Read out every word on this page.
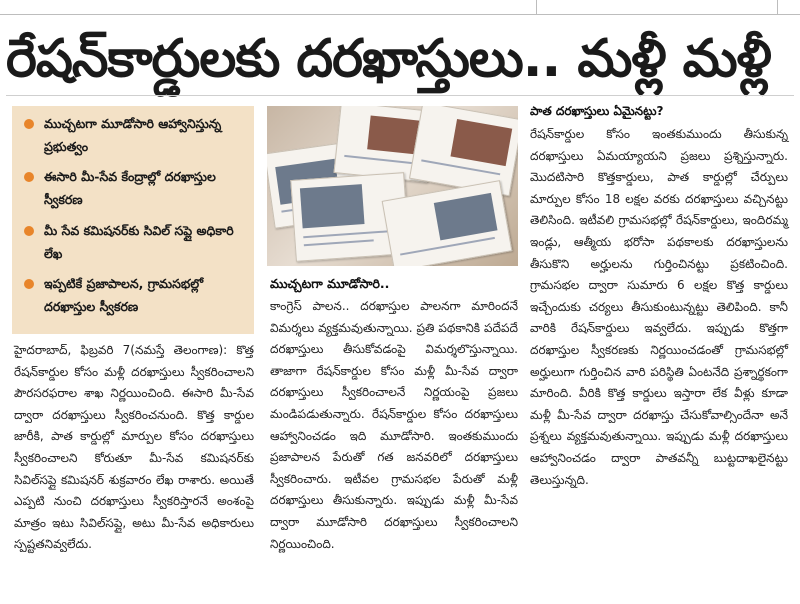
రేషన్‌కార్డులకు దరఖాస్తులు.. మళ్లీ మళ్లీ
ముచ్చటగా మూడోసారి ఆహ్వానిస్తున్న ప్రభుత్వం
ఈసారి మీ-సేవ కేంద్రాల్లో దరఖాస్తుల స్వీకరణ
మీ సేవ కమిషనర్‌కు సివిల్ సప్లై అధికారి లేఖ
ఇప్పటికే ప్రజాపాలన, గ్రామసభల్లో దరఖాస్తుల స్వీకరణ
ముచ్చటగా మూడోసారి..

హైదరాబాద్, ఫిబ్రవరి 7(నమస్తే తెలంగాణ): కొత్త రేషన్‌కార్డుల కోసం మళ్లీ దరఖాస్తులు స్వీకరించాలని పౌరసరఫరాల శాఖ నిర్ణయించింది. ఈసారి మీ-సేవ ద్వారా దరఖాస్తులు స్వీకరించనుంది. కొత్త కార్డుల జారీకి, పాత కార్డుల్లో మార్పుల కోసం దరఖాస్తులు స్వీకరించాలని కోరుతూ మీ-సేవ కమిషనర్‌కు సివిల్‌సప్లై కమిషనర్ శుక్రవారం లేఖ రాశారు. అయితే ఎప్పటి నుంచి దరఖాస్తులు స్వీకరిస్తారనే అంశంపై మాత్రం ఇటు సివిల్‌సప్లై, అటు మీ-సేవ అధికారులు స్పష్టతనివ్వలేదు.

కాంగ్రెస్ పాలన.. దరఖాస్తుల పాలనగా మారిందనే విమర్శలు వ్యక్తమవుతున్నాయి. ప్రతి పథకానికి పదేపదే దరఖాస్తులు తీసుకోవడంపై విమర్శలొస్తున్నాయి. తాజాగా రేషన్‌కార్డుల కోసం మళ్లీ మీ-సేవ ద్వారా దరఖాస్తులు స్వీకరించాలనే నిర్ణయంపై ప్రజలు మండిపడుతున్నారు. రేషన్‌కార్డుల కోసం దరఖాస్తులు ఆహ్వానించడం ఇది మూడోసారి. ఇంతకుముందు ప్రజాపాలన పేరుతో గత జనవరిలో దరఖాస్తులు స్వీకరించారు. ఇటీవల గ్రామసభల పేరుతో మళ్లీ దరఖాస్తులు తీసుకున్నారు. ఇప్పుడు మళ్లీ మీ-సేవ ద్వారా మూడోసారి దరఖాస్తులు స్వీకరించాలని నిర్ణయించింది.

పాత దరఖాస్తులు ఏమైనట్టు?

రేషన్‌కార్డుల కోసం ఇంతకుముందు తీసుకున్న దరఖాస్తులు ఏమయ్యాయని ప్రజలు ప్రశ్నిస్తున్నారు. మొదటిసారి కొత్తకార్డులు, పాత కార్డుల్లో చేర్పులు మార్పుల కోసం 18 లక్షల వరకు దరఖాస్తులు వచ్చినట్టు తెలిసింది. ఇటీవలి గ్రామసభల్లో రేషన్‌కార్డులు, ఇందిరమ్మ ఇండ్లు, ఆత్మీయ భరోసా పథకాలకు దరఖాస్తులను తీసుకొని అర్హులను గుర్తించినట్టు ప్రకటించింది. గ్రామసభల ద్వారా సుమారు 6 లక్షల కొత్త కార్డులు ఇచ్చేందుకు చర్యలు తీసుకుంటున్నట్టు తెలిపింది. కానీ వారికి రేషన్‌కార్డులు ఇవ్వలేదు. ఇప్పుడు కొత్తగా దరఖాస్తుల స్వీకరణకు నిర్ణయించడంతో గ్రామసభల్లో అర్హులుగా గుర్తించిన వారి పరిస్థితి ఏంటనేది ప్రశ్నార్థకంగా మారింది. వీరికి కొత్త కార్డులు ఇస్తారా లేక వీళ్లు కూడా మళ్లీ మీ-సేవ ద్వారా దరఖాస్తు చేసుకోవాల్సిందేనా అనే ప్రశ్నలు వ్యక్తమవుతున్నాయి. ఇప్పుడు మళ్లీ దరఖాస్తులు ఆహ్వానించడం ద్వారా పాతవన్నీ బుట్టదాఖలైనట్టు తెలుస్తున్నది.
